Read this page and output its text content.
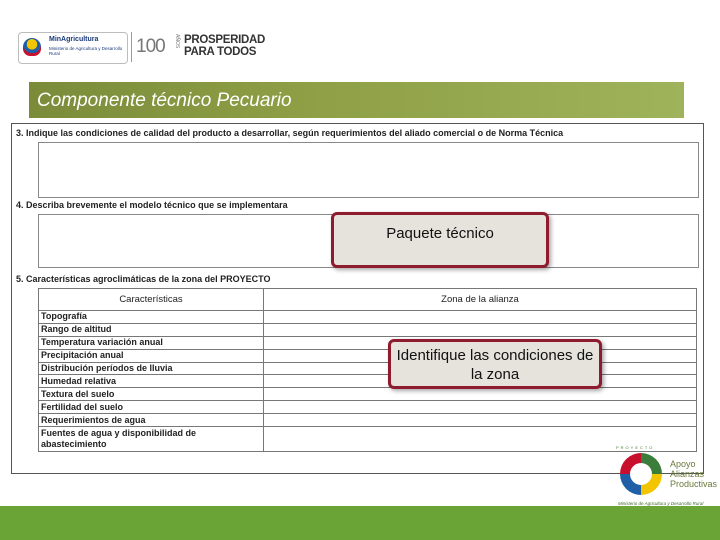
MinAgricultura
Ministerio de Agricultura y Desarrollo Rural	100 AÑOS PROSPERIDAD
PARA TODOS
Componente técnico Pecuario
3. Indique las condiciones de calidad del producto a desarrollar, según requerimientos del aliado comercial o de Norma Técnica
4. Describa brevemente el modelo técnico que se implementara
5. Características agroclimáticas de la zona del PROYECTO
Características	Zona de la alianza
Topografía	
Rango de altitud	
Temperatura variación anual	
Precipitación anual	
Distribución períodos de lluvia	
Humedad relativa	
Textura del suelo	
Fertilidad del suelo	
Requerimientos de agua	
Fuentes de agua y disponibilidad de abastecimiento	
Paquete técnico
Identifique las condiciones de la zona
PROYECTO
Apoyo
Alianzas
Productivas
Ministerio de Agricultura y Desarrollo Rural
